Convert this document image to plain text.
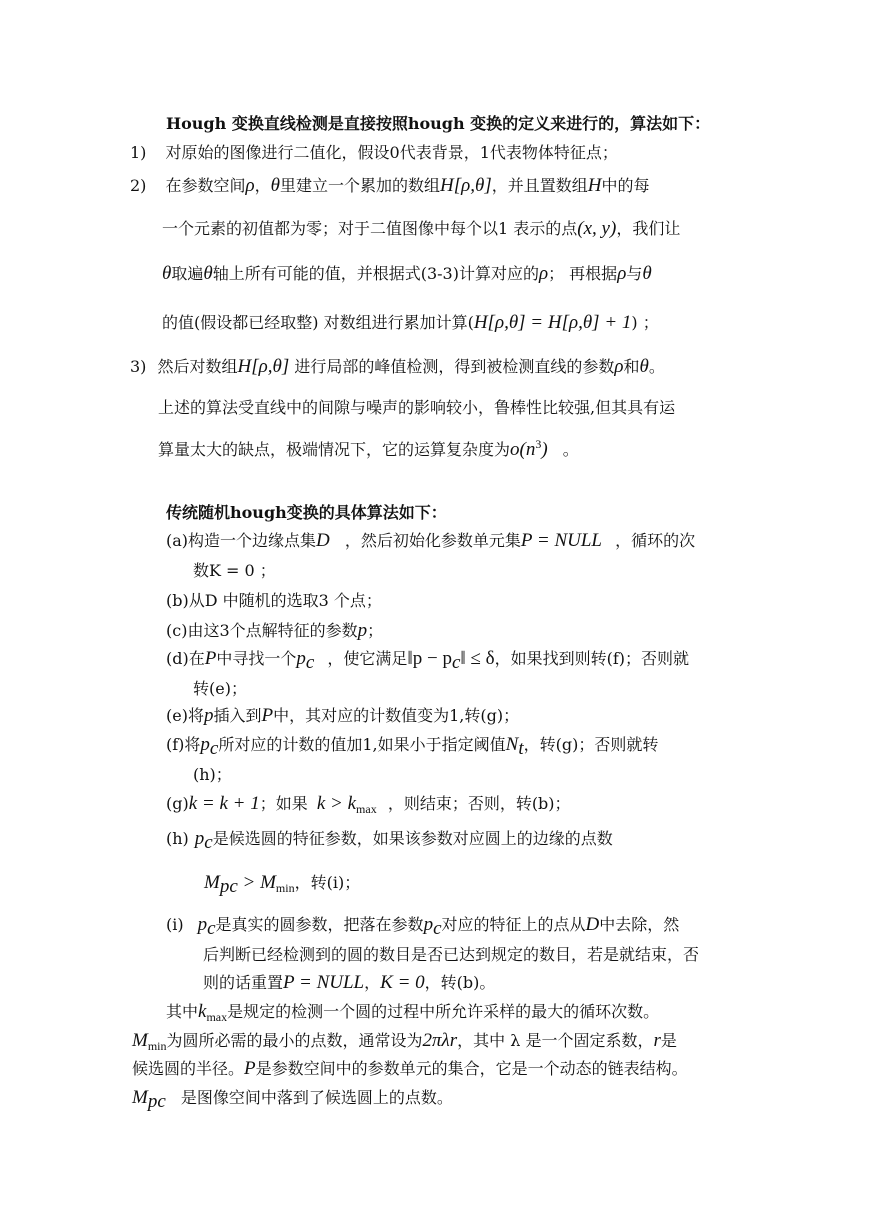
Hough 变换直线检测是直接按照hough 变换的定义来进行的，算法如下：
1) 对原始的图像进行二值化，假设0代表背景，1代表物体特征点；
2) 在参数空间ρ，θ里建立一个累加的数组H[ρ,θ]，并且置数组H中的每
一个元素的初值都为零；对于二值图像中每个以1 表示的点(x, y)，我们让
θ取遍θ轴上所有可能的值，并根据式(3-3)计算对应的ρ； 再根据ρ与θ
的值(假设都已经取整) 对数组进行累加计算(H[ρ,θ] = H[ρ,θ] + 1) ；
3) 然后对数组H[ρ,θ] 进行局部的峰值检测，得到被检测直线的参数ρ和θ。
上述的算法受直线中的间隙与噪声的影响较小，鲁棒性比较强,但其具有运
算量太大的缺点，极端情况下，它的运算复杂度为$o(n^3)$ 。
传统随机hough变换的具体算法如下：
(a)构造一个边缘点集D ，然后初始化参数单元集P = NULL ，循环的次
数K = 0 ；
(b)从D 中随机的选取3 个点；
(c)由这3个点解特征的参数p；
(d)在P中寻找一个$p_c$ ，使它满足‖p − $p_c‖ \le \delta$，如果找到则转(f)；否则就
转(e)；
(e)将p插入到P中，其对应的计数值变为1,转(g)；
(f)将$p_c$所对应的计数的值加1,如果小于指定阈值$N_t$，转(g)；否则就转
(h)；
(g)k = k + 1；如果 $k > k_{max}$ ，则结束；否则，转(b)；
(h) $p_c$是候选圆的特征参数，如果该参数对应圆上的边缘的点数
$M_{pc} > M_{min}$，转(i)；
(i) $p_c$是真实的圆参数，把落在参数$p_c$对应的特征上的点从D中去除，然
后判断已经检测到的圆的数目是否已达到规定的数目，若是就结束，否
则的话重置P = NULL，K = 0，转(b)。
其中$k_{max}$是规定的检测一个圆的过程中所允许采样的最大的循环次数。
$M_{min}$为圆所必需的最小的点数，通常设为2πλr，其中 λ 是一个固定系数，r是
候选圆的半径。P是参数空间中的参数单元的集合，它是一个动态的链表结构。
$M_{pc}$ 是图像空间中落到了候选圆上的点数。
